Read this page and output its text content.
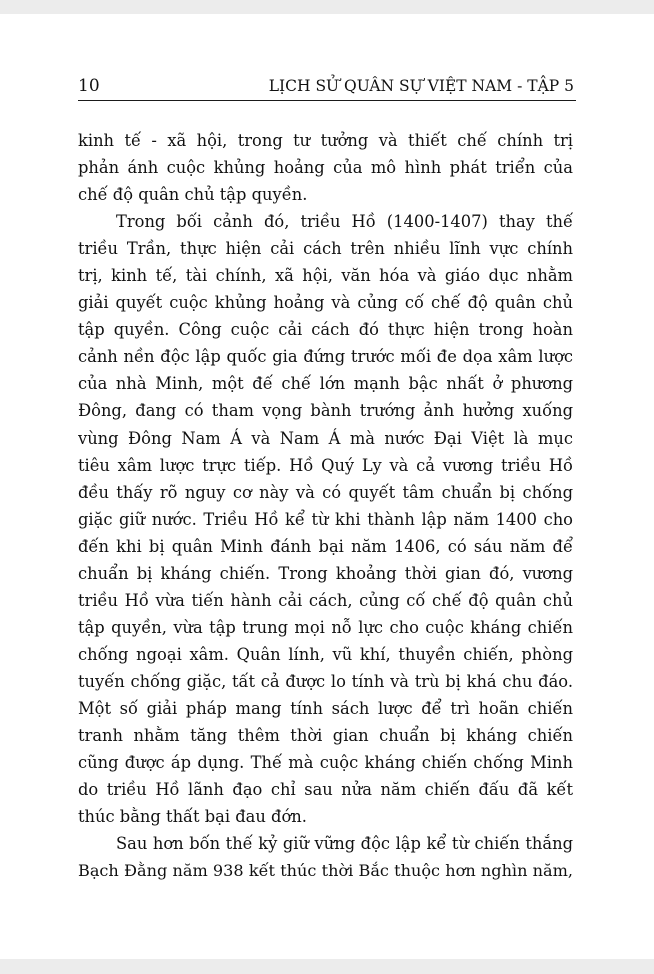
10	LỊCH SỬ QUÂN SỰ VIỆT NAM - TẬP 5
kinh tế - xã hội, trong tư tưởng và thiết chế chính trị
phản ánh cuộc khủng hoảng của mô hình phát triển của
chế độ quân chủ tập quyền.
Trong bối cảnh đó, triều Hồ (1400-1407) thay thế
triều Trần, thực hiện cải cách trên nhiều lĩnh vực chính
trị, kinh tế, tài chính, xã hội, văn hóa và giáo dục nhằm
giải quyết cuộc khủng hoảng và củng cố chế độ quân chủ
tập quyền. Công cuộc cải cách đó thực hiện trong hoàn
cảnh nền độc lập quốc gia đứng trước mối đe dọa xâm lược
của nhà Minh, một đế chế lớn mạnh bậc nhất ở phương
Đông, đang có tham vọng bành trướng ảnh hưởng xuống
vùng Đông Nam Á và Nam Á mà nước Đại Việt là mục
tiêu xâm lược trực tiếp. Hồ Quý Ly và cả vương triều Hồ
đều thấy rõ nguy cơ này và có quyết tâm chuẩn bị chống
giặc giữ nước. Triều Hồ kể từ khi thành lập năm 1400 cho
đến khi bị quân Minh đánh bại năm 1406, có sáu năm để
chuẩn bị kháng chiến. Trong khoảng thời gian đó, vương
triều Hồ vừa tiến hành cải cách, củng cố chế độ quân chủ
tập quyền, vừa tập trung mọi nỗ lực cho cuộc kháng chiến
chống ngoại xâm. Quân lính, vũ khí, thuyền chiến, phòng
tuyến chống giặc, tất cả được lo tính và trù bị khá chu đáo.
Một số giải pháp mang tính sách lược để trì hoãn chiến
tranh nhằm tăng thêm thời gian chuẩn bị kháng chiến
cũng được áp dụng. Thế mà cuộc kháng chiến chống Minh
do triều Hồ lãnh đạo chỉ sau nửa năm chiến đấu đã kết
thúc bằng thất bại đau đớn.
Sau hơn bốn thế kỷ giữ vững độc lập kể từ chiến thắng
Bạch Đằng năm 938 kết thúc thời Bắc thuộc hơn nghìn năm,
